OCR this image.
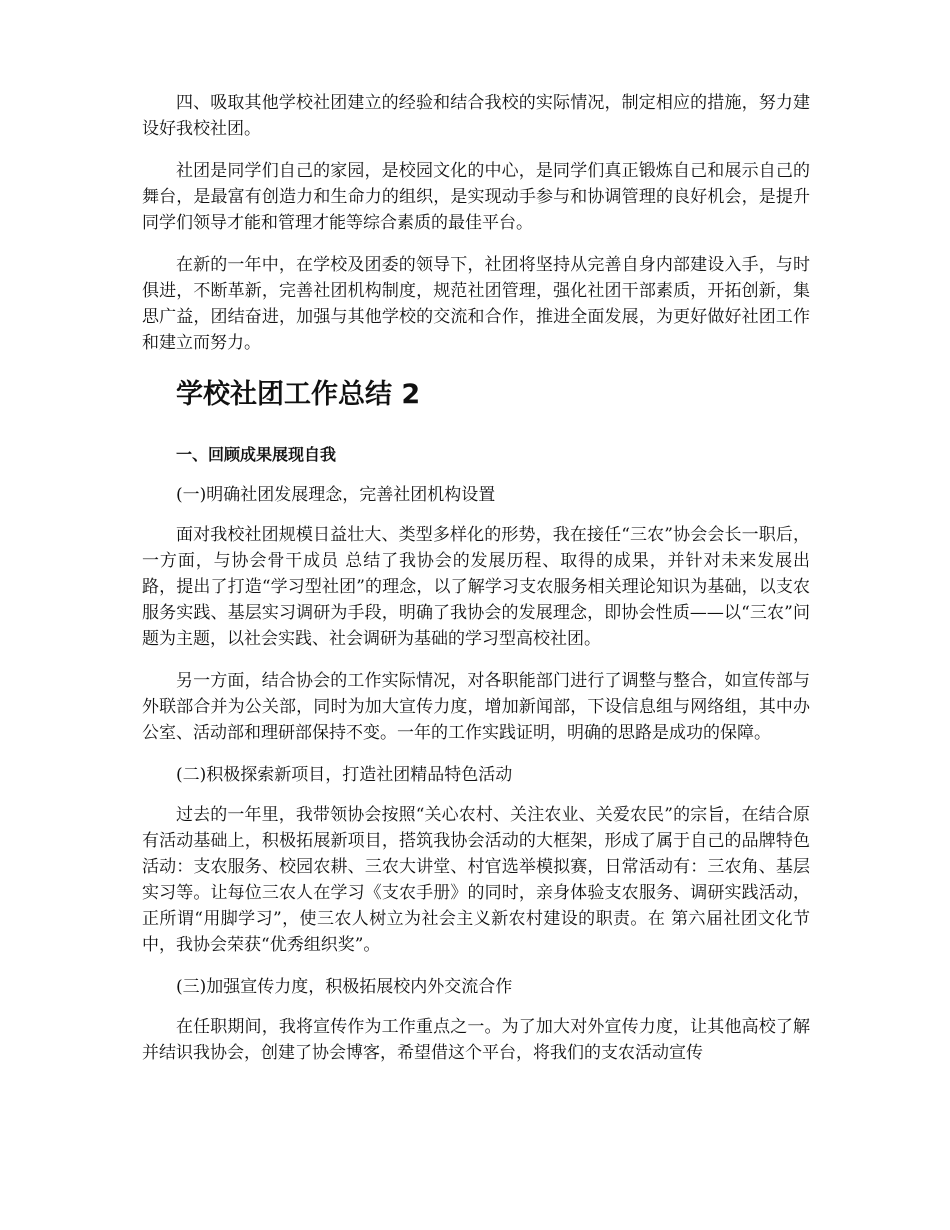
四、吸取其他学校社团建立的经验和结合我校的实际情况，制定相应的措施，努力建设好我校社团。

社团是同学们自己的家园，是校园文化的中心，是同学们真正锻炼自己和展示自己的舞台，是最富有创造力和生命力的组织，是实现动手参与和协调管理的良好机会，是提升同学们领导才能和管理才能等综合素质的最佳平台。

在新的一年中，在学校及团委的领导下，社团将坚持从完善自身内部建设入手，与时俱进，不断革新，完善社团机构制度，规范社团管理，强化社团干部素质，开拓创新，集思广益，团结奋进，加强与其他学校的交流和合作，推进全面发展，为更好做好社团工作和建立而努力。

学校社团工作总结 2
一、回顾成果展现自我
(一)明确社团发展理念，完善社团机构设置

面对我校社团规模日益壮大、类型多样化的形势，我在接任“三农”协会会长一职后，一方面，与协会骨干成员 总结了我协会的发展历程、取得的成果，并针对未来发展出路，提出了打造“学习型社团”的理念，以了解学习支农服务相关理论知识为基础，以支农服务实践、基层实习调研为手段，明确了我协会的发展理念，即协会性质——以“三农”问题为主题，以社会实践、社会调研为基础的学习型高校社团。

另一方面，结合协会的工作实际情况，对各职能部门进行了调整与整合，如宣传部与外联部合并为公关部，同时为加大宣传力度，增加新闻部，下设信息组与网络组，其中办公室、活动部和理研部保持不变。一年的工作实践证明，明确的思路是成功的保障。

(二)积极探索新项目，打造社团精品特色活动

过去的一年里，我带领协会按照“关心农村、关注农业、关爱农民”的宗旨，在结合原有活动基础上，积极拓展新项目，搭筑我协会活动的大框架，形成了属于自己的品牌特色活动：支农服务、校园农耕、三农大讲堂、村官选举模拟赛，日常活动有：三农角、基层实习等。让每位三农人在学习《支农手册》的同时，亲身体验支农服务、调研实践活动，正所谓“用脚学习”，使三农人树立为社会主义新农村建设的职责。在 第六届社团文化节中，我协会荣获“优秀组织奖”。

(三)加强宣传力度，积极拓展校内外交流合作

在任职期间，我将宣传作为工作重点之一。为了加大对外宣传力度，让其他高校了解并结识我协会，创建了协会博客，希望借这个平台，将我们的支农活动宣传
